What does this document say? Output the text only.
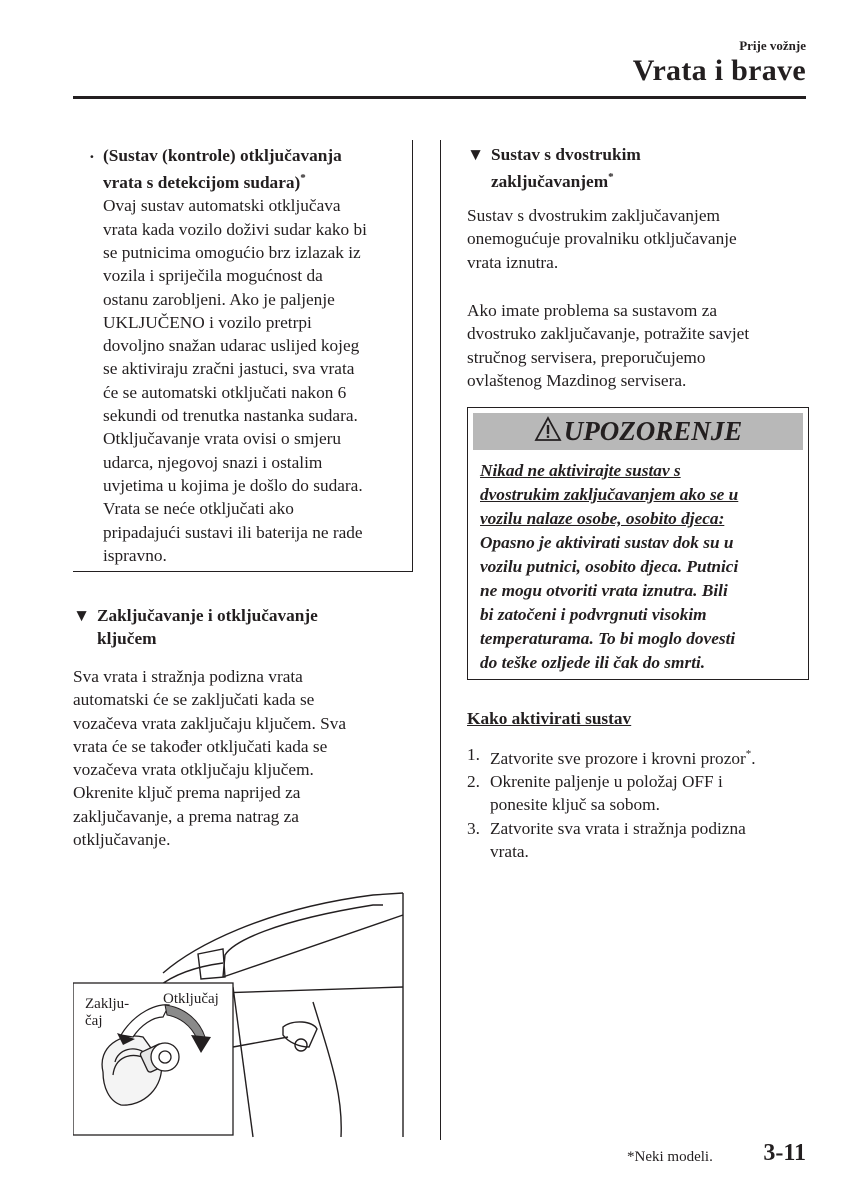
Prije vožnje
Vrata i brave
· (Sustav (kontrole) otključavanja
vrata s detekcijom sudara)*
Ovaj sustav automatski otključava
vrata kada vozilo doživi sudar kako bi
se putnicima omogućio brz izlazak iz
vozila i spriječila mogućnost da
ostanu zarobljeni. Ako je paljenje
UKLJUČENO i vozilo pretrpi
dovoljno snažan udarac uslijed kojeg
se aktiviraju zračni jastuci, sva vrata
će se automatski otključati nakon 6
sekundi od trenutka nastanka sudara.
Otključavanje vrata ovisi o smjeru
udarca, njegovoj snazi i ostalim
uvjetima u kojima je došlo do sudara.
Vrata se neće otključati ako
pripadajući sustavi ili baterija ne rade
ispravno.
▼ Zaključavanje i otključavanje
ključem
Sva vrata i stražnja podizna vrata
automatski će se zaključati kada se
vozačeva vrata zaključaju ključem. Sva
vrata će se također otključati kada se
vozačeva vrata otključaju ključem.
Okrenite ključ prema naprijed za
zaključavanje, a prema natrag za
otključavanje.
Zaklju-
čaj
Otključaj
▼ Sustav s dvostrukim
zaključavanjem*
Sustav s dvostrukim zaključavanjem
onemogućuje provalniku otključavanje
vrata iznutra.
Ako imate problema sa sustavom za
dvostruko zaključavanje, potražite savjet
stručnog servisera, preporučujemo
ovlaštenog Mazdinog servisera.
UPOZORENJE
Nikad ne aktivirajte sustav s
dvostrukim zaključavanjem ako se u
vozilu nalaze osobe, osobito djeca:
Opasno je aktivirati sustav dok su u
vozilu putnici, osobito djeca. Putnici
ne mogu otvoriti vrata iznutra. Bili
bi zatočeni i podvrgnuti visokim
temperaturama. To bi moglo dovesti
do teške ozljede ili čak do smrti.
Kako aktivirati sustav
1. Zatvorite sve prozore i krovni prozor*.
2. Okrenite paljenje u položaj OFF i
ponesite ključ sa sobom.
3. Zatvorite sva vrata i stražnja podizna
vrata.
*Neki modeli. 3-11
